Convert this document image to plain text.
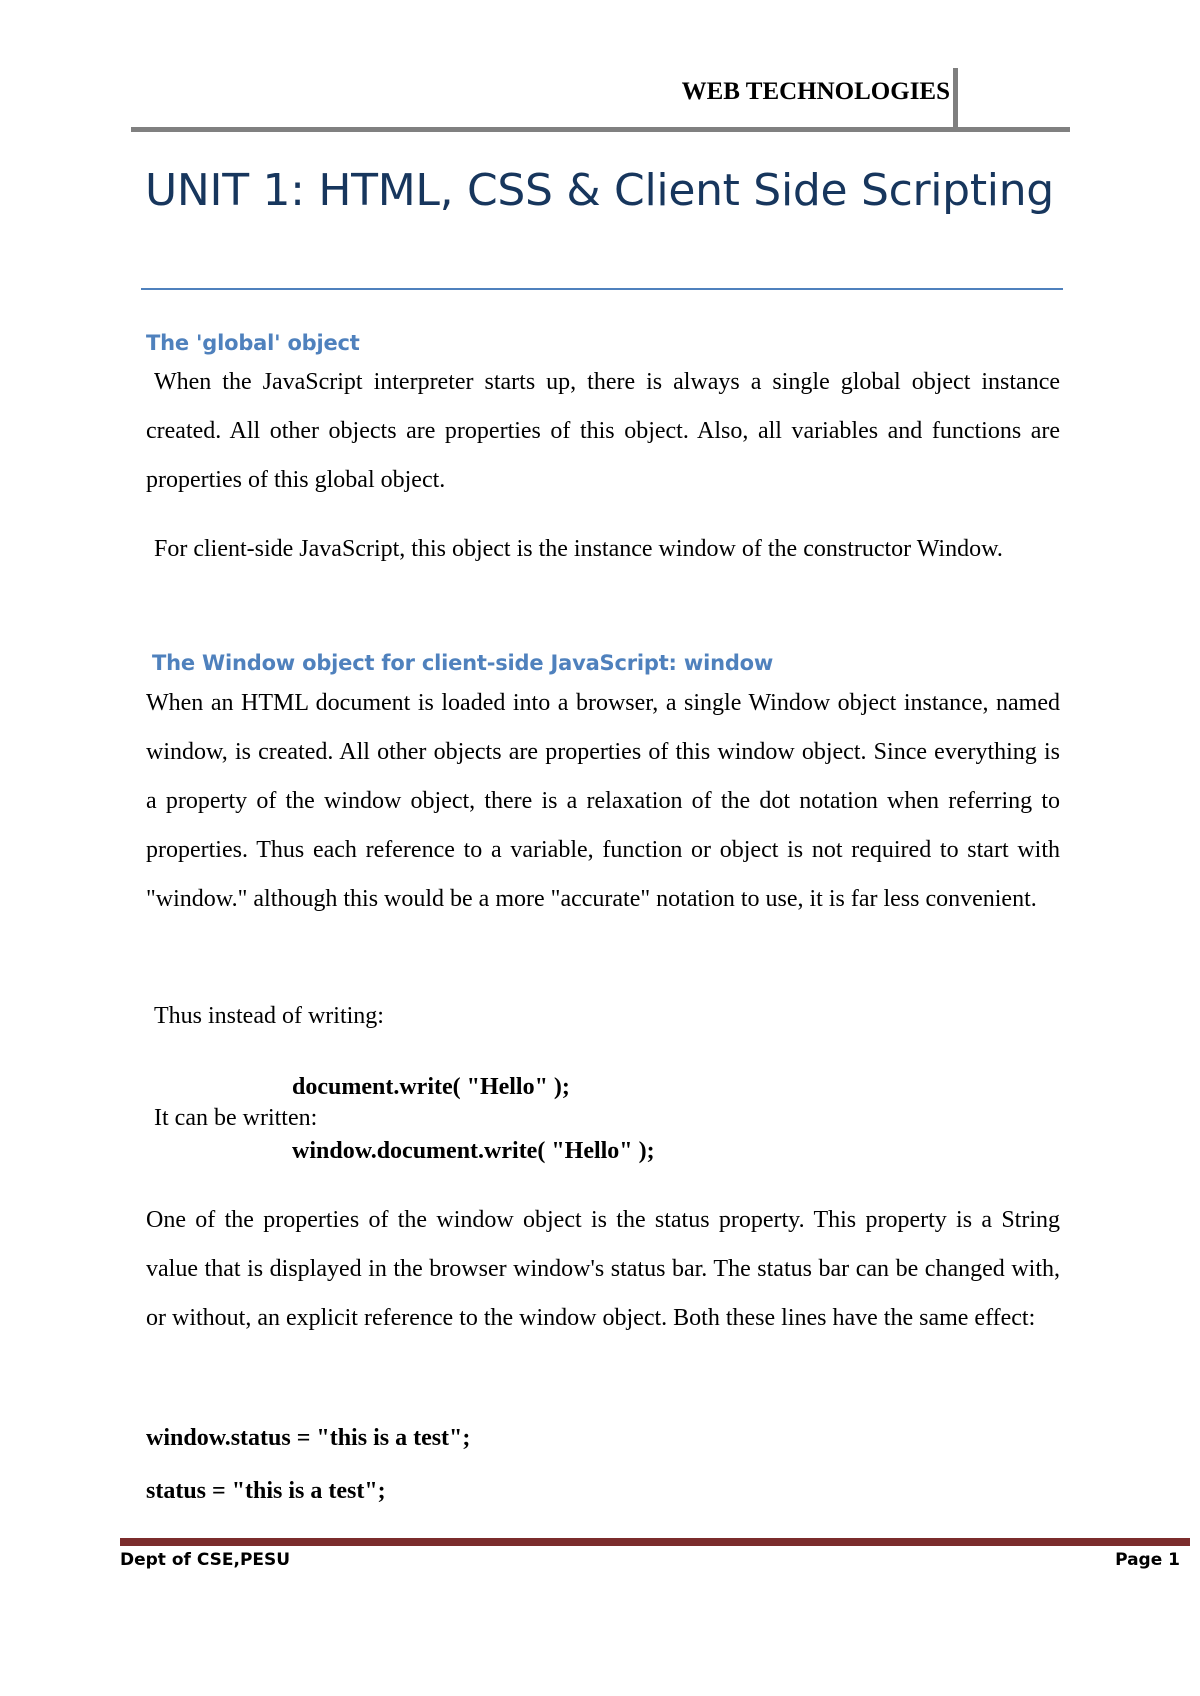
WEB TECHNOLOGIES
UNIT 1: HTML, CSS & Client Side Scripting
The 'global' object

When the JavaScript interpreter starts up, there is always a single global object instance created. All other objects are properties of this object. Also, all variables and functions are properties of this global object.

For client-side JavaScript, this object is the instance window of the constructor Window.

The Window object for client-side JavaScript: window

When an HTML document is loaded into a browser, a single Window object instance, named window, is created. All other objects are properties of this window object. Since everything is a property of the window object, there is a relaxation of the dot notation when referring to properties. Thus each reference to a variable, function or object is not required to start with "window." although this would be a more "accurate" notation to use, it is far less convenient.

Thus instead of writing:

document.write( "Hello" );

It can be written:

window.document.write( "Hello" );

One of the properties of the window object is the status property. This property is a String value that is displayed in the browser window's status bar. The status bar can be changed with, or without, an explicit reference to the window object. Both these lines have the same effect:

window.status = "this is a test";

status = "this is a test";

Dept of CSE,PESU	Page 1
